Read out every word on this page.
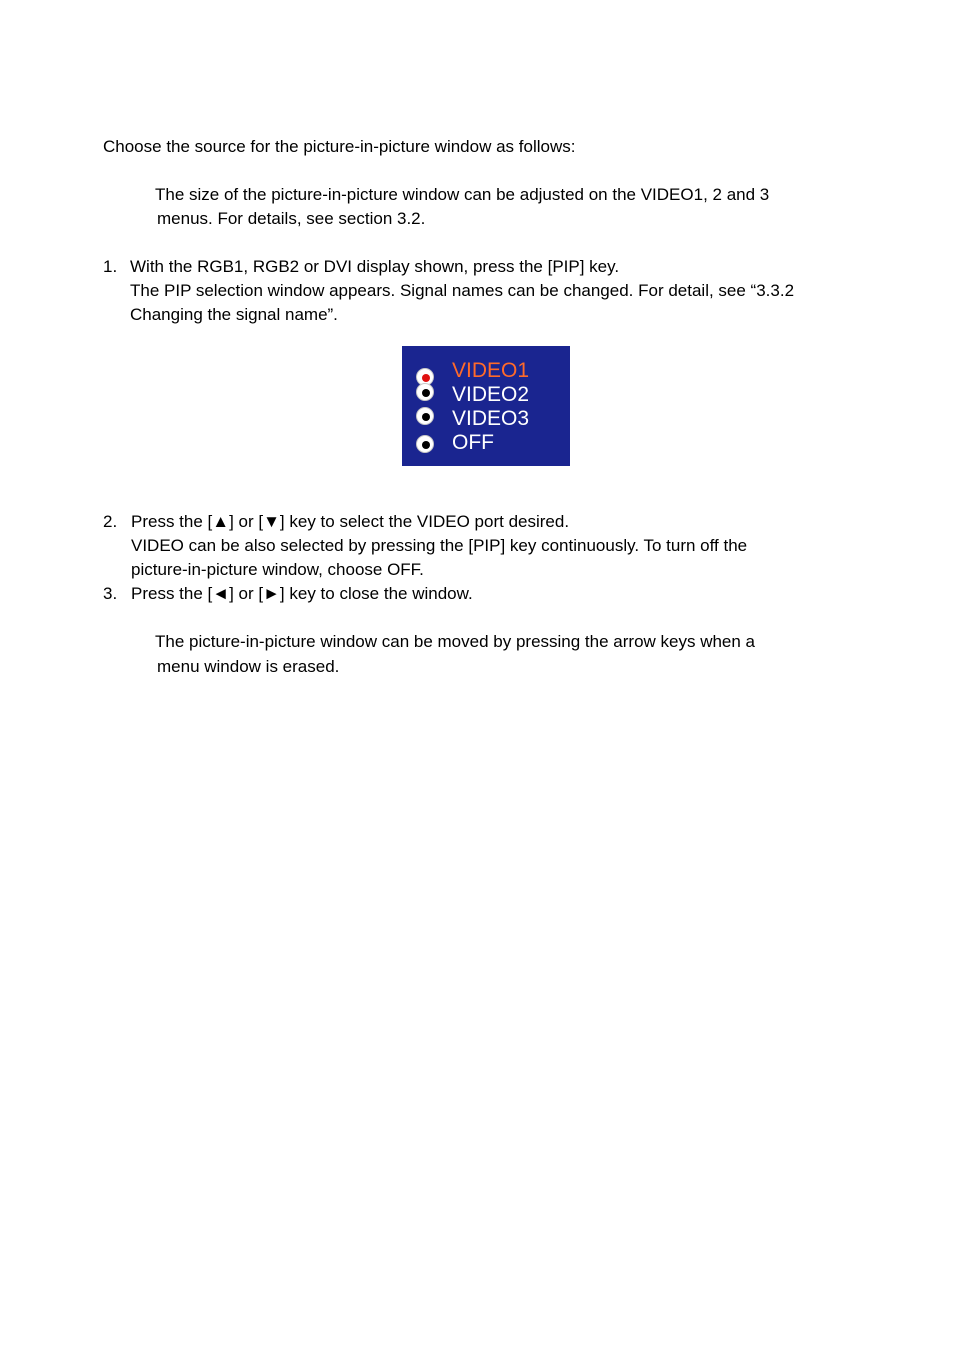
Choose the source for the picture-in-picture window as follows:
The size of the picture-in-picture window can be adjusted on the VIDEO1, 2 and 3
menus. For details, see section 3.2.
1. With the RGB1, RGB2 or DVI display shown, press the [PIP] key.
The PIP selection window appears. Signal names can be changed. For detail, see “3.3.2
Changing the signal name”.
VIDEO1
VIDEO2
VIDEO3
OFF
2. Press the [▲] or [▼] key to select the VIDEO port desired.
VIDEO can be also selected by pressing the [PIP] key continuously. To turn off the
picture-in-picture window, choose OFF.
3. Press the [◄] or [►] key to close the window.
The picture-in-picture window can be moved by pressing the arrow keys when a
menu window is erased.
